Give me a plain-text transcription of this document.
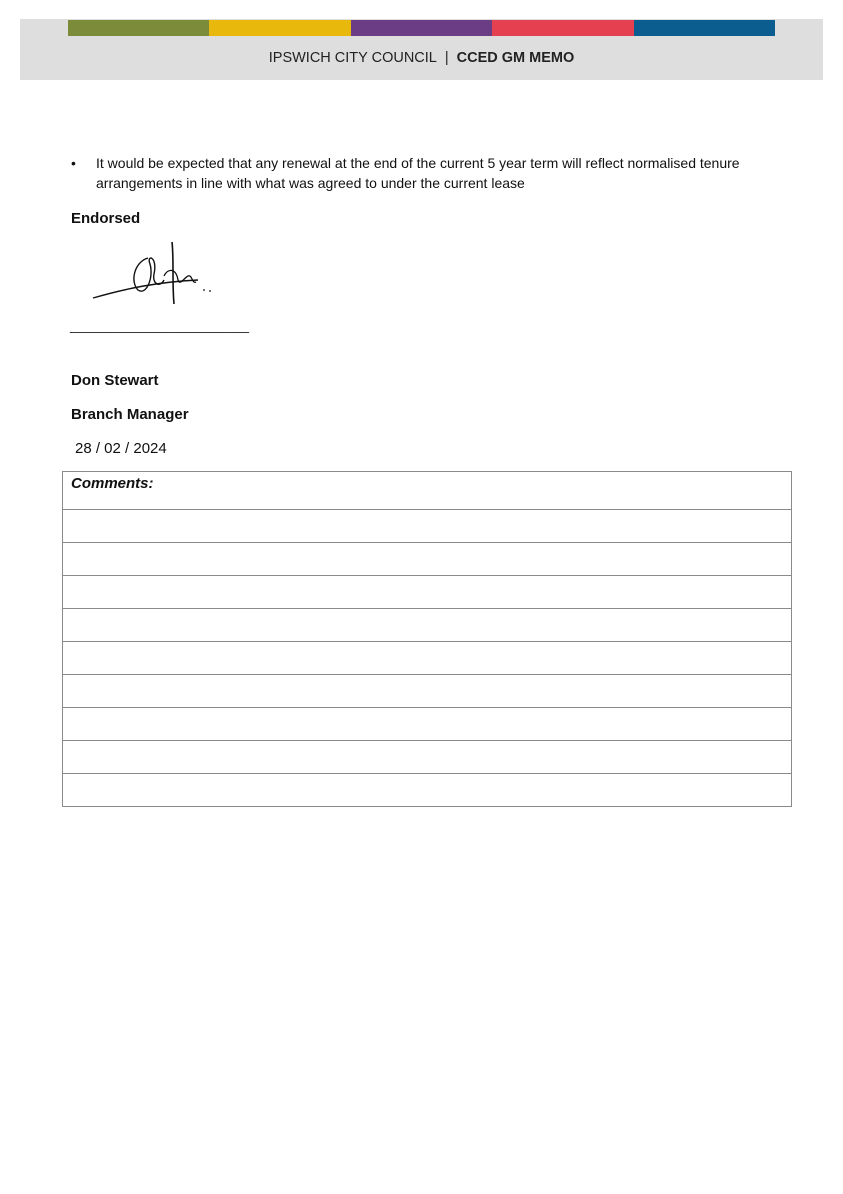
IPSWICH CITY COUNCIL | CCED GM MEMO
•	It would be expected that any renewal at the end of the current 5 year term will reflect normalised tenure arrangements in line with what was agreed to under the current lease
Endorsed
_______________________
Don Stewart
Branch Manager
28 / 02 / 2024
Comments:
